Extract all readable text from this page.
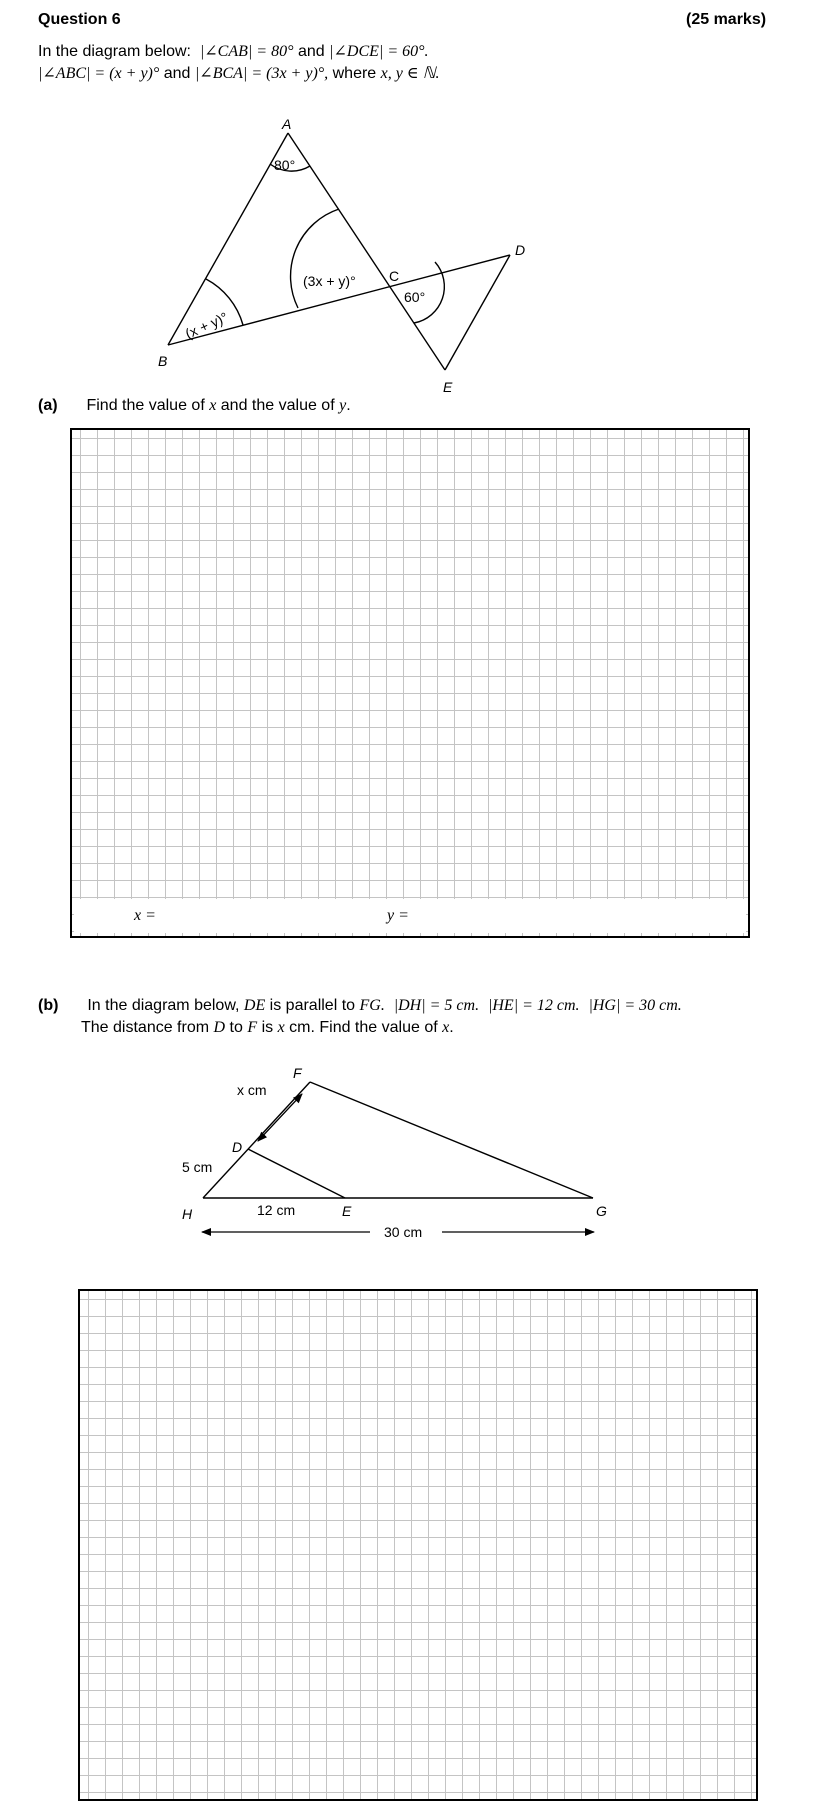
Question 6	(25 marks)
In the diagram below: |∠CAB| = 80° and |∠DCE| = 60°.
|∠ABC| = (x + y)° and |∠BCA| = (3x + y)°, where x, y ∈ ℕ.
A
B
C
D
E
80°
(3x + y)°
60°
(x + y)°
(a) Find the value of x and the value of y.
x =	y =
(b) In the diagram below, DE is parallel to FG. |DH| = 5 cm. |HE| = 12 cm. |HG| = 30 cm.
The distance from D to F is x cm. Find the value of x.
F
D
H	E	G
x cm
5 cm
12 cm
30 cm
